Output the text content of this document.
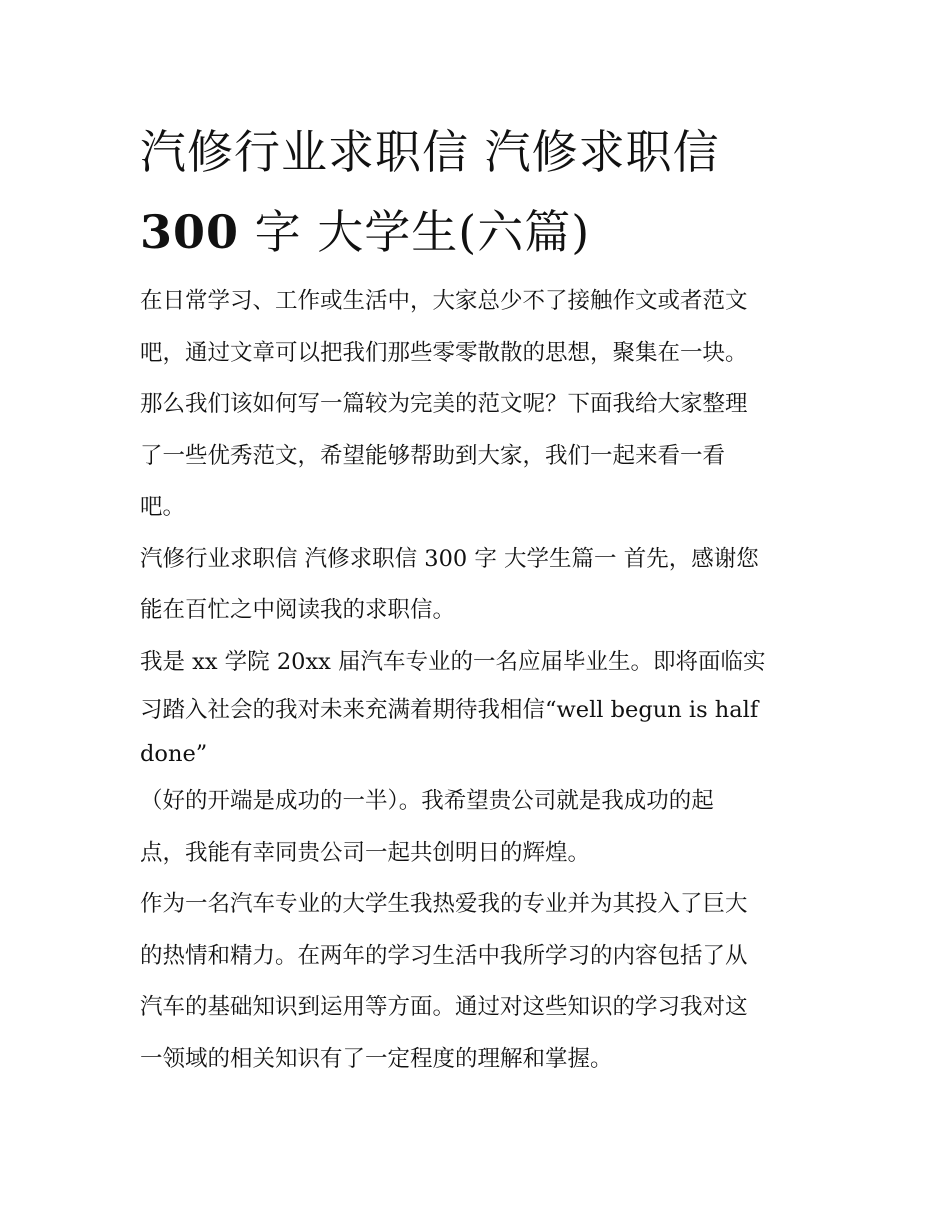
汽修行业求职信 汽修求职信
300 字 大学生(六篇)
在日常学习、工作或生活中，大家总少不了接触作文或者范文
吧，通过文章可以把我们那些零零散散的思想，聚集在一块。
那么我们该如何写一篇较为完美的范文呢？下面我给大家整理
了一些优秀范文，希望能够帮助到大家，我们一起来看一看
吧。
汽修行业求职信 汽修求职信 300 字 大学生篇一 首先，感谢您
能在百忙之中阅读我的求职信。
我是 xx 学院 20xx 届汽车专业的一名应届毕业生。即将面临实
习踏入社会的我对未来充满着期待我相信“well begun is half
done”
（好的开端是成功的一半）。我希望贵公司就是我成功的起
点，我能有幸同贵公司一起共创明日的辉煌。
作为一名汽车专业的大学生我热爱我的专业并为其投入了巨大
的热情和精力。在两年的学习生活中我所学习的内容包括了从
汽车的基础知识到运用等方面。通过对这些知识的学习我对这
一领域的相关知识有了一定程度的理解和掌握。
